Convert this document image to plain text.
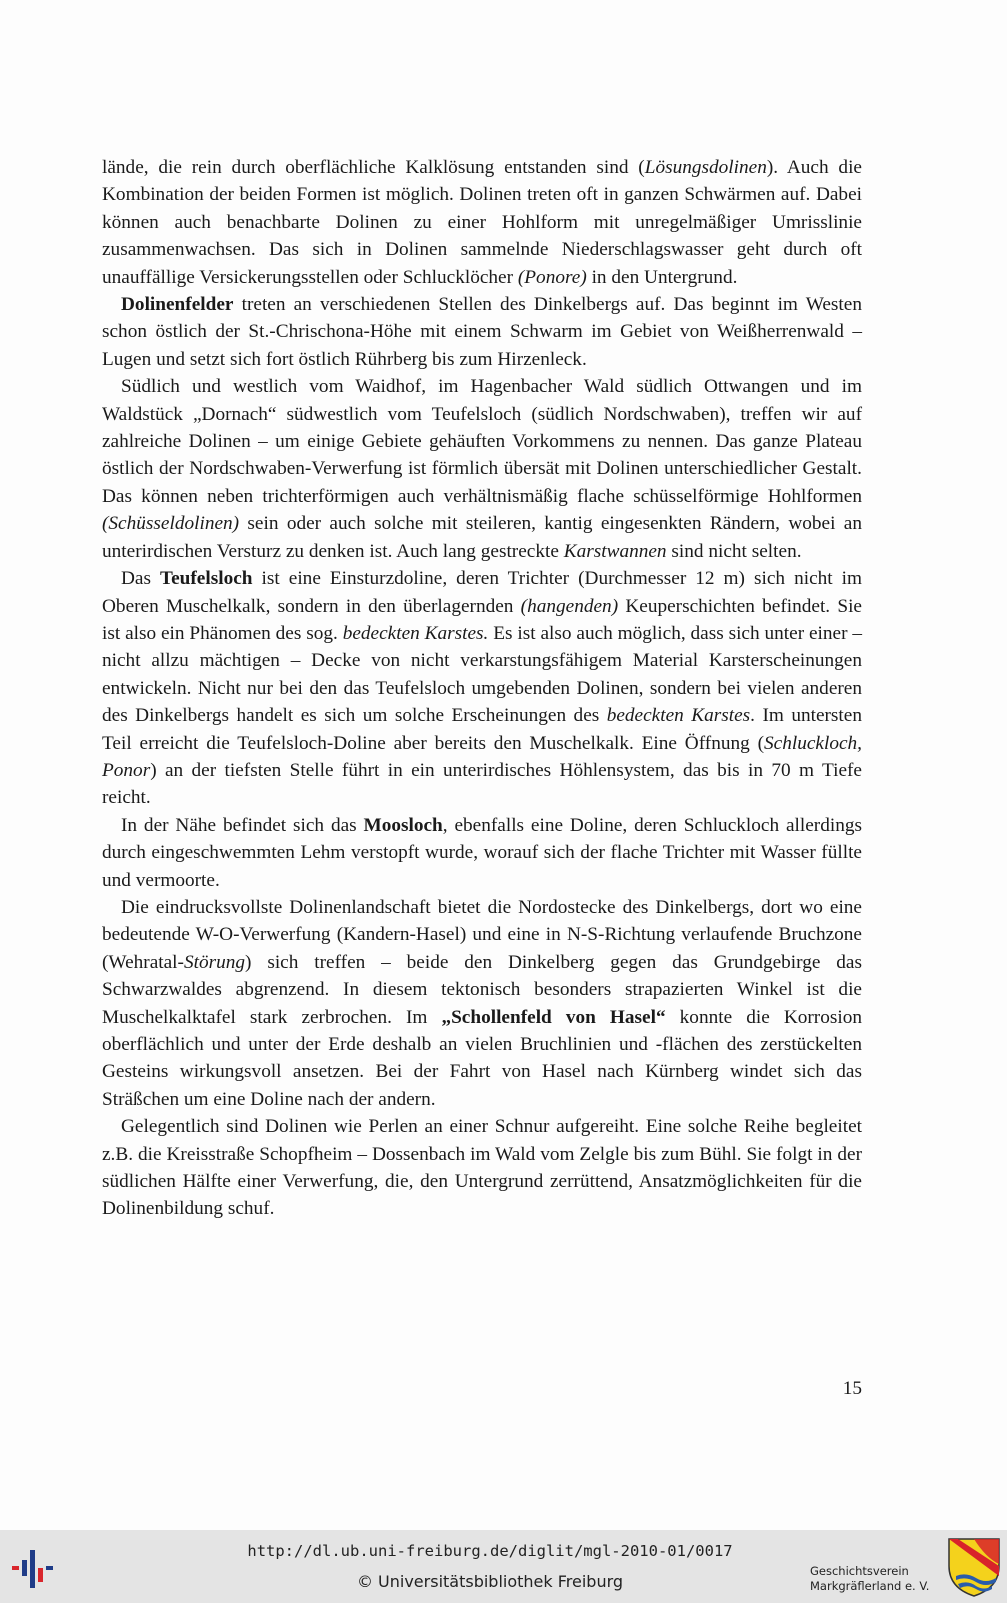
lände, die rein durch oberflächliche Kalklösung entstanden sind (Lösungsdolinen). Auch die Kombination der beiden Formen ist möglich. Dolinen treten oft in ganzen Schwärmen auf. Dabei können auch benachbarte Dolinen zu einer Hohlform mit unregelmäßiger Umrisslinie zusammenwachsen. Das sich in Dolinen sammelnde Niederschlagswasser geht durch oft unauffällige Versickerungsstellen oder Schlucklöcher (Ponore) in den Untergrund.

Dolinenfelder treten an verschiedenen Stellen des Dinkelbergs auf. Das beginnt im Westen schon östlich der St.-Chrischona-Höhe mit einem Schwarm im Gebiet von Weißherrenwald – Lugen und setzt sich fort östlich Rührberg bis zum Hirzenleck.

Südlich und westlich vom Waidhof, im Hagenbacher Wald südlich Ottwangen und im Waldstück „Dornach“ südwestlich vom Teufelsloch (südlich Nordschwaben), treffen wir auf zahlreiche Dolinen – um einige Gebiete gehäuften Vorkommens zu nennen. Das ganze Plateau östlich der Nordschwaben-Verwerfung ist förmlich übersät mit Dolinen unterschiedlicher Gestalt. Das können neben trichterförmigen auch verhältnismäßig flache schüsselförmige Hohlformen (Schüsseldolinen) sein oder auch solche mit steileren, kantig eingesenkten Rändern, wobei an unterirdischen Versturz zu denken ist. Auch lang gestreckte Karstwannen sind nicht selten.

Das Teufelsloch ist eine Einsturzdoline, deren Trichter (Durchmesser 12 m) sich nicht im Oberen Muschelkalk, sondern in den überlagernden (hangenden) Keuperschichten befindet. Sie ist also ein Phänomen des sog. bedeckten Karstes. Es ist also auch möglich, dass sich unter einer – nicht allzu mächtigen – Decke von nicht verkarstungsfähigem Material Karsterscheinungen entwickeln. Nicht nur bei den das Teufelsloch umgebenden Dolinen, sondern bei vielen anderen des Dinkelbergs handelt es sich um solche Erscheinungen des bedeckten Karstes. Im untersten Teil erreicht die Teufelsloch-Doline aber bereits den Muschelkalk. Eine Öffnung (Schluckloch, Ponor) an der tiefsten Stelle führt in ein unterirdisches Höhlensystem, das bis in 70 m Tiefe reicht.

In der Nähe befindet sich das Moosloch, ebenfalls eine Doline, deren Schluckloch allerdings durch eingeschwemmten Lehm verstopft wurde, worauf sich der flache Trichter mit Wasser füllte und vermoorte.

Die eindrucksvollste Dolinenlandschaft bietet die Nordostecke des Dinkelbergs, dort wo eine bedeutende W-O-Verwerfung (Kandern-Hasel) und eine in N-S-Richtung verlaufende Bruchzone (Wehratal-Störung) sich treffen – beide den Dinkelberg gegen das Grundgebirge das Schwarzwaldes abgrenzend. In diesem tektonisch besonders strapazierten Winkel ist die Muschelkalktafel stark zerbrochen. Im „Schollenfeld von Hasel“ konnte die Korrosion oberflächlich und unter der Erde deshalb an vielen Bruchlinien und -flächen des zerstückelten Gesteins wirkungsvoll ansetzen. Bei der Fahrt von Hasel nach Kürnberg windet sich das Sträßchen um eine Doline nach der andern.

Gelegentlich sind Dolinen wie Perlen an einer Schnur aufgereiht. Eine solche Reihe begleitet z.B. die Kreisstraße Schopfheim – Dossenbach im Wald vom Zelgle bis zum Bühl. Sie folgt in der südlichen Hälfte einer Verwerfung, die, den Untergrund zerrüttend, Ansatzmöglichkeiten für die Dolinenbildung schuf.

15
http://dl.ub.uni-freiburg.de/diglit/mgl-2010-01/0017
© Universitätsbibliothek Freiburg
Geschichtsverein
Markgräflerland e. V.
